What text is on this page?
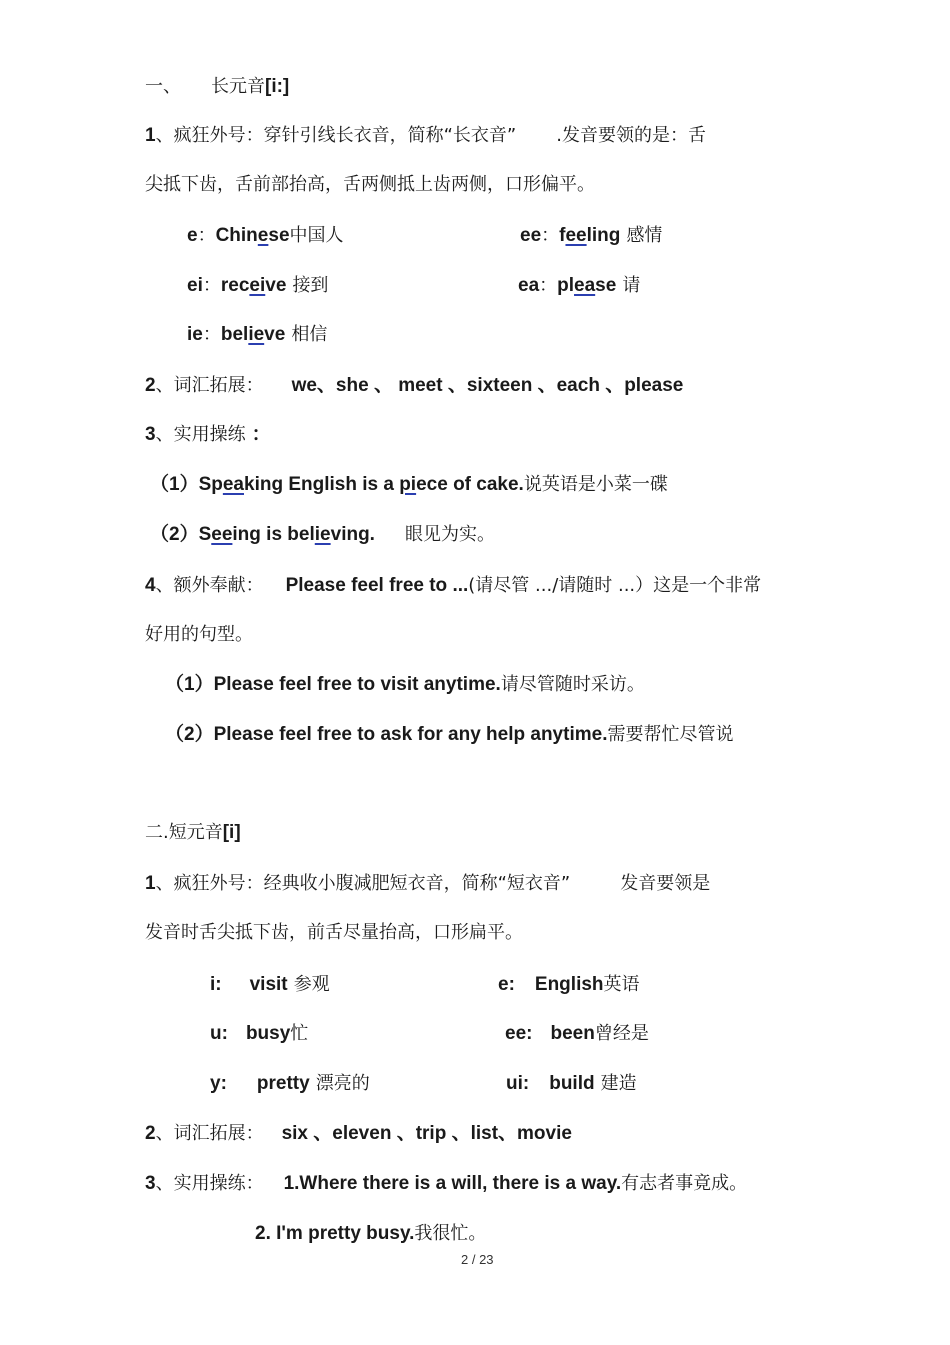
一、 长元音[i:]
1、疯狂外号：穿针引线长衣音，简称“长衣音” .发音要领的是：舌
尖抵下齿，舌前部抬高，舌两侧抵上齿两侧，口形偏平。
e：Chinese中国人	ee：feeling 感情
ei：receive 接到	ea：please 请
ie：believe 相信
2、词汇拓展： we、she 、 meet 、sixteen 、each 、please
3、实用操练 ：
（1）Speaking English is a piece of cake.说英语是小菜一碟
（2）Seeing is believing. 眼见为实。
4、额外奉献： Please feel free to ...(请尽管 .../请随时 ...）这是一个非常
好用的句型。
（1）Please feel free to visit anytime.请尽管随时采访。
（2）Please feel free to ask for any help anytime.需要帮忙尽管说
二.短元音[i]
1、疯狂外号：经典收小腹减肥短衣音，简称“短衣音”	发音要领是
发音时舌尖抵下齿，前舌尽量抬高，口形扁平。
i: visit 参观	e: English英语
u: busy忙	ee: been曾经是
y: pretty 漂亮的	ui: build 建造
2、词汇拓展： six 、eleven 、trip 、list、movie
3、实用操练： 1.Where there is a will, there is a way.有志者事竟成。
2. I'm pretty busy.我很忙。
2 / 23
